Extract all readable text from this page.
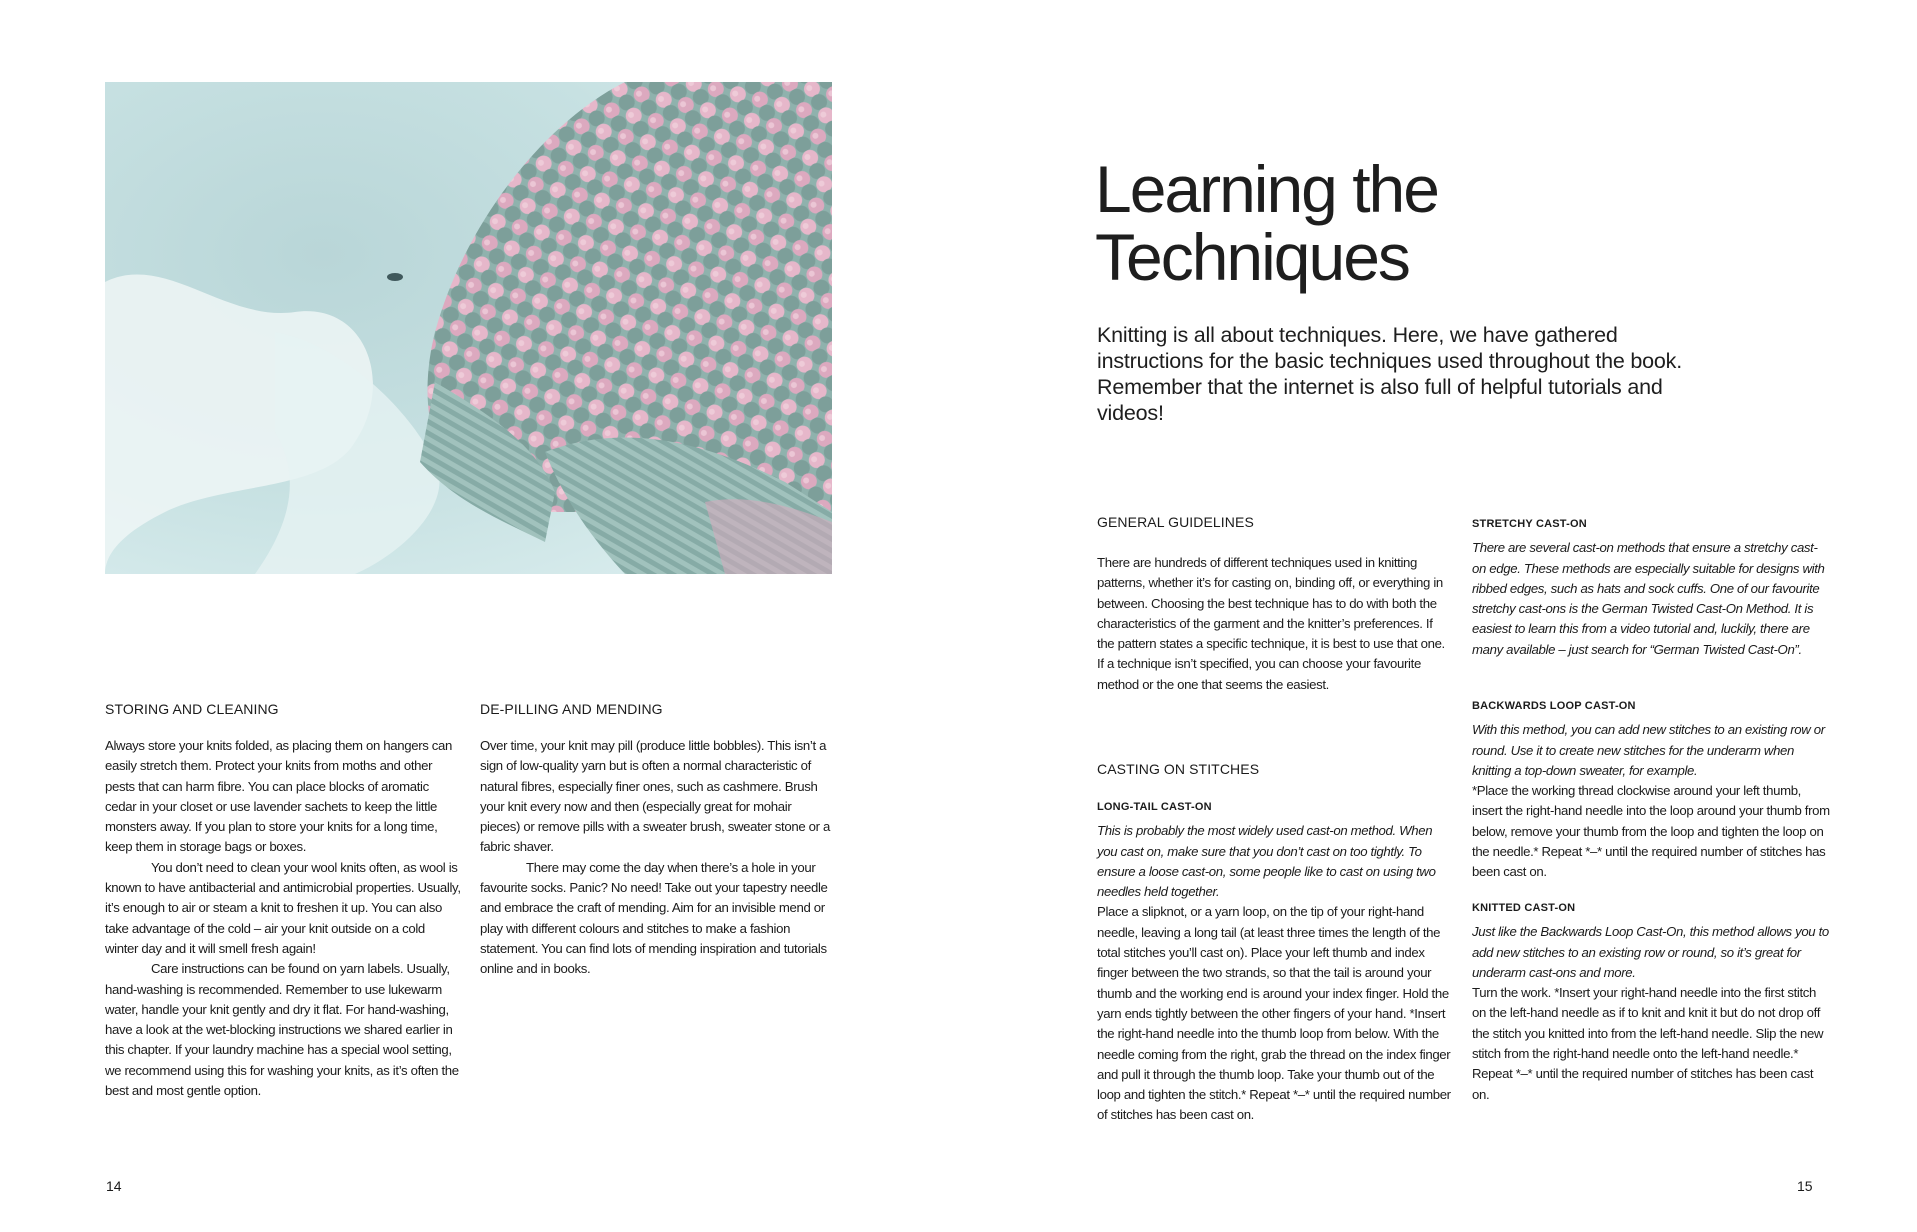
STORING AND CLEANING

Always store your knits folded, as placing them on hangers can easily stretch them. Protect your knits from moths and other pests that can harm fibre. You can place blocks of aromatic cedar in your closet or use lavender sachets to keep the little monsters away. If you plan to store your knits for a long time, keep them in storage bags or boxes.

You don’t need to clean your wool knits often, as wool is known to have antibacterial and antimicrobial properties. Usually, it’s enough to air or steam a knit to freshen it up. You can also take advantage of the cold – air your knit outside on a cold winter day and it will smell fresh again!

Care instructions can be found on yarn labels. Usually, hand-washing is recommended. Remember to use lukewarm water, handle your knit gently and dry it flat. For hand-washing, have a look at the wet-blocking instructions we shared earlier in this chapter. If your laundry machine has a special wool setting, we recommend using this for washing your knits, as it’s often the best and most gentle option.

DE-PILLING AND MENDING

Over time, your knit may pill (produce little bobbles). This isn’t a sign of low-quality yarn but is often a normal characteristic of natural fibres, especially finer ones, such as cashmere. Brush your knit every now and then (especially great for mohair pieces) or remove pills with a sweater brush, sweater stone or a fabric shaver.

There may come the day when there’s a hole in your favourite socks. Panic? No need! Take out your tapestry needle and embrace the craft of mending. Aim for an invisible mend or play with different colours and stitches to make a fashion statement. You can find lots of mending inspiration and tutorials online and in books.

14
Learning the
Techniques

Knitting is all about techniques. Here, we have gathered instructions for the basic techniques used throughout the book. Remember that the internet is also full of helpful tutorials and videos!

GENERAL GUIDELINES

There are hundreds of different techniques used in knitting patterns, whether it’s for casting on, binding off, or everything in between. Choosing the best technique has to do with both the characteristics of the garment and the knitter’s preferences. If the pattern states a specific technique, it is best to use that one. If a technique isn’t specified, you can choose your favourite method or the one that seems the easiest.

CASTING ON STITCHES
LONG-TAIL CAST-ON

This is probably the most widely used cast-on method. When you cast on, make sure that you don’t cast on too tightly. To ensure a loose cast-on, some people like to cast on using two needles held together.

Place a slipknot, or a yarn loop, on the tip of your right-hand needle, leaving a long tail (at least three times the length of the total stitches you’ll cast on). Place your left thumb and index finger between the two strands, so that the tail is around your thumb and the working end is around your index finger. Hold the yarn ends tightly between the other fingers of your hand. *Insert the right-hand needle into the thumb loop from below. With the needle coming from the right, grab the thread on the index finger and pull it through the thumb loop. Take your thumb out of the loop and tighten the stitch.* Repeat *–* until the required number of stitches has been cast on.

STRETCHY CAST-ON

There are several cast-on methods that ensure a stretchy cast-on edge. These methods are especially suitable for designs with ribbed edges, such as hats and sock cuffs. One of our favourite stretchy cast-ons is the German Twisted Cast-On Method. It is easiest to learn this from a video tutorial and, luckily, there are many available – just search for “German Twisted Cast-On”.

BACKWARDS LOOP CAST-ON

With this method, you can add new stitches to an existing row or round. Use it to create new stitches for the underarm when knitting a top-down sweater, for example.

*Place the working thread clockwise around your left thumb, insert the right-hand needle into the loop around your thumb from below, remove your thumb from the loop and tighten the loop on the needle.* Repeat *–* until the required number of stitches has been cast on.

KNITTED CAST-ON

Just like the Backwards Loop Cast-On, this method allows you to add new stitches to an existing row or round, so it’s great for underarm cast-ons and more.

Turn the work. *Insert your right-hand needle into the first stitch on the left-hand needle as if to knit and knit it but do not drop off the stitch you knitted into from the left-hand needle. Slip the new stitch from the right-hand needle onto the left-hand needle.* Repeat *–* until the required number of stitches has been cast on.

15
